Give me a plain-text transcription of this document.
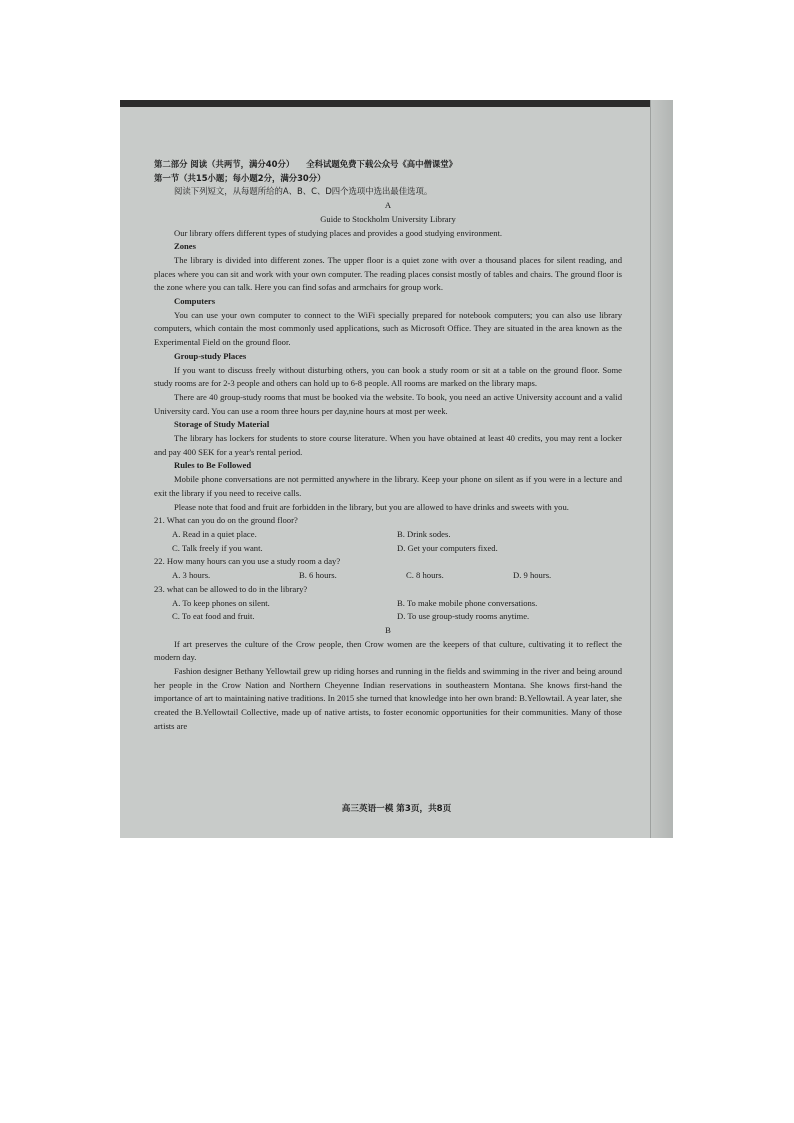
第二部分 阅读（共两节，满分40分） 全科试题免费下载公众号《高中僧课堂》

第一节（共15小题；每小题2分，满分30分）

阅读下列短文，从每题所给的A、B、C、D四个选项中选出最佳选项。

A

Guide to Stockholm University Library

Our library offers different types of studying places and provides a good studying environment.

Zones

The library is divided into different zones. The upper floor is a quiet zone with over a thousand places for silent reading, and places where you can sit and work with your own computer. The reading places consist mostly of tables and chairs. The ground floor is the zone where you can talk. Here you can find sofas and armchairs for group work.

Computers

You can use your own computer to connect to the WiFi specially prepared for notebook computers; you can also use library computers, which contain the most commonly used applications, such as Microsoft Office. They are situated in the area known as the Experimental Field on the ground floor.

Group-study Places

If you want to discuss freely without disturbing others, you can book a study room or sit at a table on the ground floor. Some study rooms are for 2-3 people and others can hold up to 6-8 people. All rooms are marked on the library maps.

There are 40 group-study rooms that must be booked via the website. To book, you need an active University account and a valid University card. You can use a room three hours per day,nine hours at most per week.

Storage of Study Material

The library has lockers for students to store course literature. When you have obtained at least 40 credits, you may rent a locker and pay 400 SEK for a year's rental period.

Rules to Be Followed

Mobile phone conversations are not permitted anywhere in the library. Keep your phone on silent as if you were in a lecture and exit the library if you need to receive calls.

Please note that food and fruit are forbidden in the library, but you are allowed to have drinks and sweets with you.

21. What can you do on the ground floor?

A. Read in a quiet place.	B. Drink sodes.
C. Talk freely if you want.	D. Get your computers fixed.

22. How many hours can you use a study room a day?

A. 3 hours.	B. 6 hours.	C. 8 hours.	D. 9 hours.

23. what can be allowed to do in the library?

A. To keep phones on silent.	B. To make mobile phone conversations.
C. To eat food and fruit.	D. To use group-study rooms anytime.

B

If art preserves the culture of the Crow people, then Crow women are the keepers of that culture, cultivating it to reflect the modern day.

Fashion designer Bethany Yellowtail grew up riding horses and running in the fields and swimming in the river and being around her people in the Crow Nation and Northern Cheyenne Indian reservations in southeastern Montana. She knows first-hand the importance of art to maintaining native traditions. In 2015 she turned that knowledge into her own brand: B.Yellowtail. A year later, she created the B.Yellowtail Collective, made up of native artists, to foster economic opportunities for their communities. Many of those artists are

高三英语一模 第3页，共8页
